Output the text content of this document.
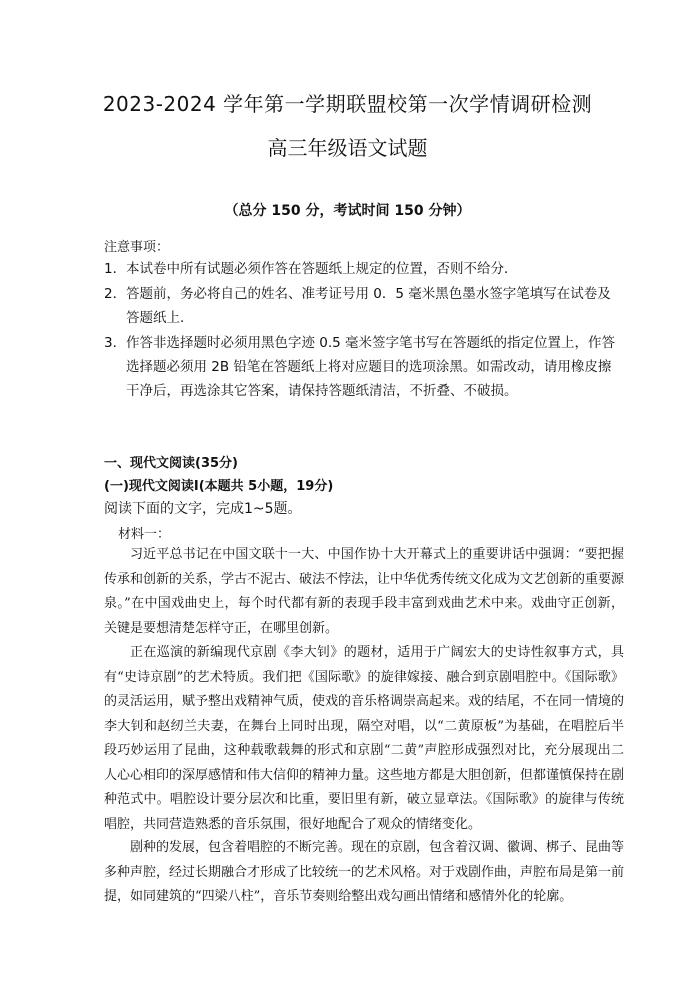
2023-2024 学年第一学期联盟校第一次学情调研检测
高三年级语文试题
（总分 150 分，考试时间 150 分钟）
注意事项：
1． 本试卷中所有试题必须作答在答题纸上规定的位置，否则不给分．
2． 答题前，务必将自己的姓名、准考证号用 0．5 毫米黑色墨水签字笔填写在试卷及答题纸上．
3． 作答非选择题时必须用黑色字迹 0.5 毫米签字笔书写在答题纸的指定位置上，作答选择题必须用 2B 铅笔在答题纸上将对应题目的选项涂黑。如需改动，请用橡皮擦干净后，再选涂其它答案，请保持答题纸清洁，不折叠、不破损。
一、现代文阅读(35分)
(一)现代文阅读Ⅰ(本题共 5小题，19分)
阅读下面的文字，完成1~5题。
材料一：

习近平总书记在中国文联十一大、中国作协十大开幕式上的重要讲话中强调：“要把握传承和创新的关系，学古不泥古、破法不悖法，让中华优秀传统文化成为文艺创新的重要源泉。”在中国戏曲史上，每个时代都有新的表现手段丰富到戏曲艺术中来。戏曲守正创新，关键是要想清楚怎样守正，在哪里创新。

正在巡演的新编现代京剧《李大钊》的题材，适用于广阔宏大的史诗性叙事方式，具有“史诗京剧”的艺术特质。我们把《国际歌》的旋律嫁接、融合到京剧唱腔中。《国际歌》的灵活运用，赋予整出戏精神气质，使戏的音乐格调崇高起来。戏的结尾，不在同一情境的李大钊和赵纫兰夫妻，在舞台上同时出现，隔空对唱，以“二黄原板”为基础，在唱腔后半段巧妙运用了昆曲，这种载歌载舞的形式和京剧“二黄”声腔形成强烈对比，充分展现出二人心心相印的深厚感情和伟大信仰的精神力量。这些地方都是大胆创新，但都谨慎保持在剧种范式中。唱腔设计要分层次和比重，要旧里有新，破立显章法。《国际歌》的旋律与传统唱腔，共同营造熟悉的音乐氛围，很好地配合了观众的情绪变化。

剧种的发展，包含着唱腔的不断完善。现在的京剧，包含着汉调、徽调、梆子、昆曲等多种声腔，经过长期融合才形成了比较统一的艺术风格。对于戏剧作曲，声腔布局是第一前提，如同建筑的“四梁八柱”，音乐节奏则给整出戏勾画出情绪和感情外化的轮廓。
